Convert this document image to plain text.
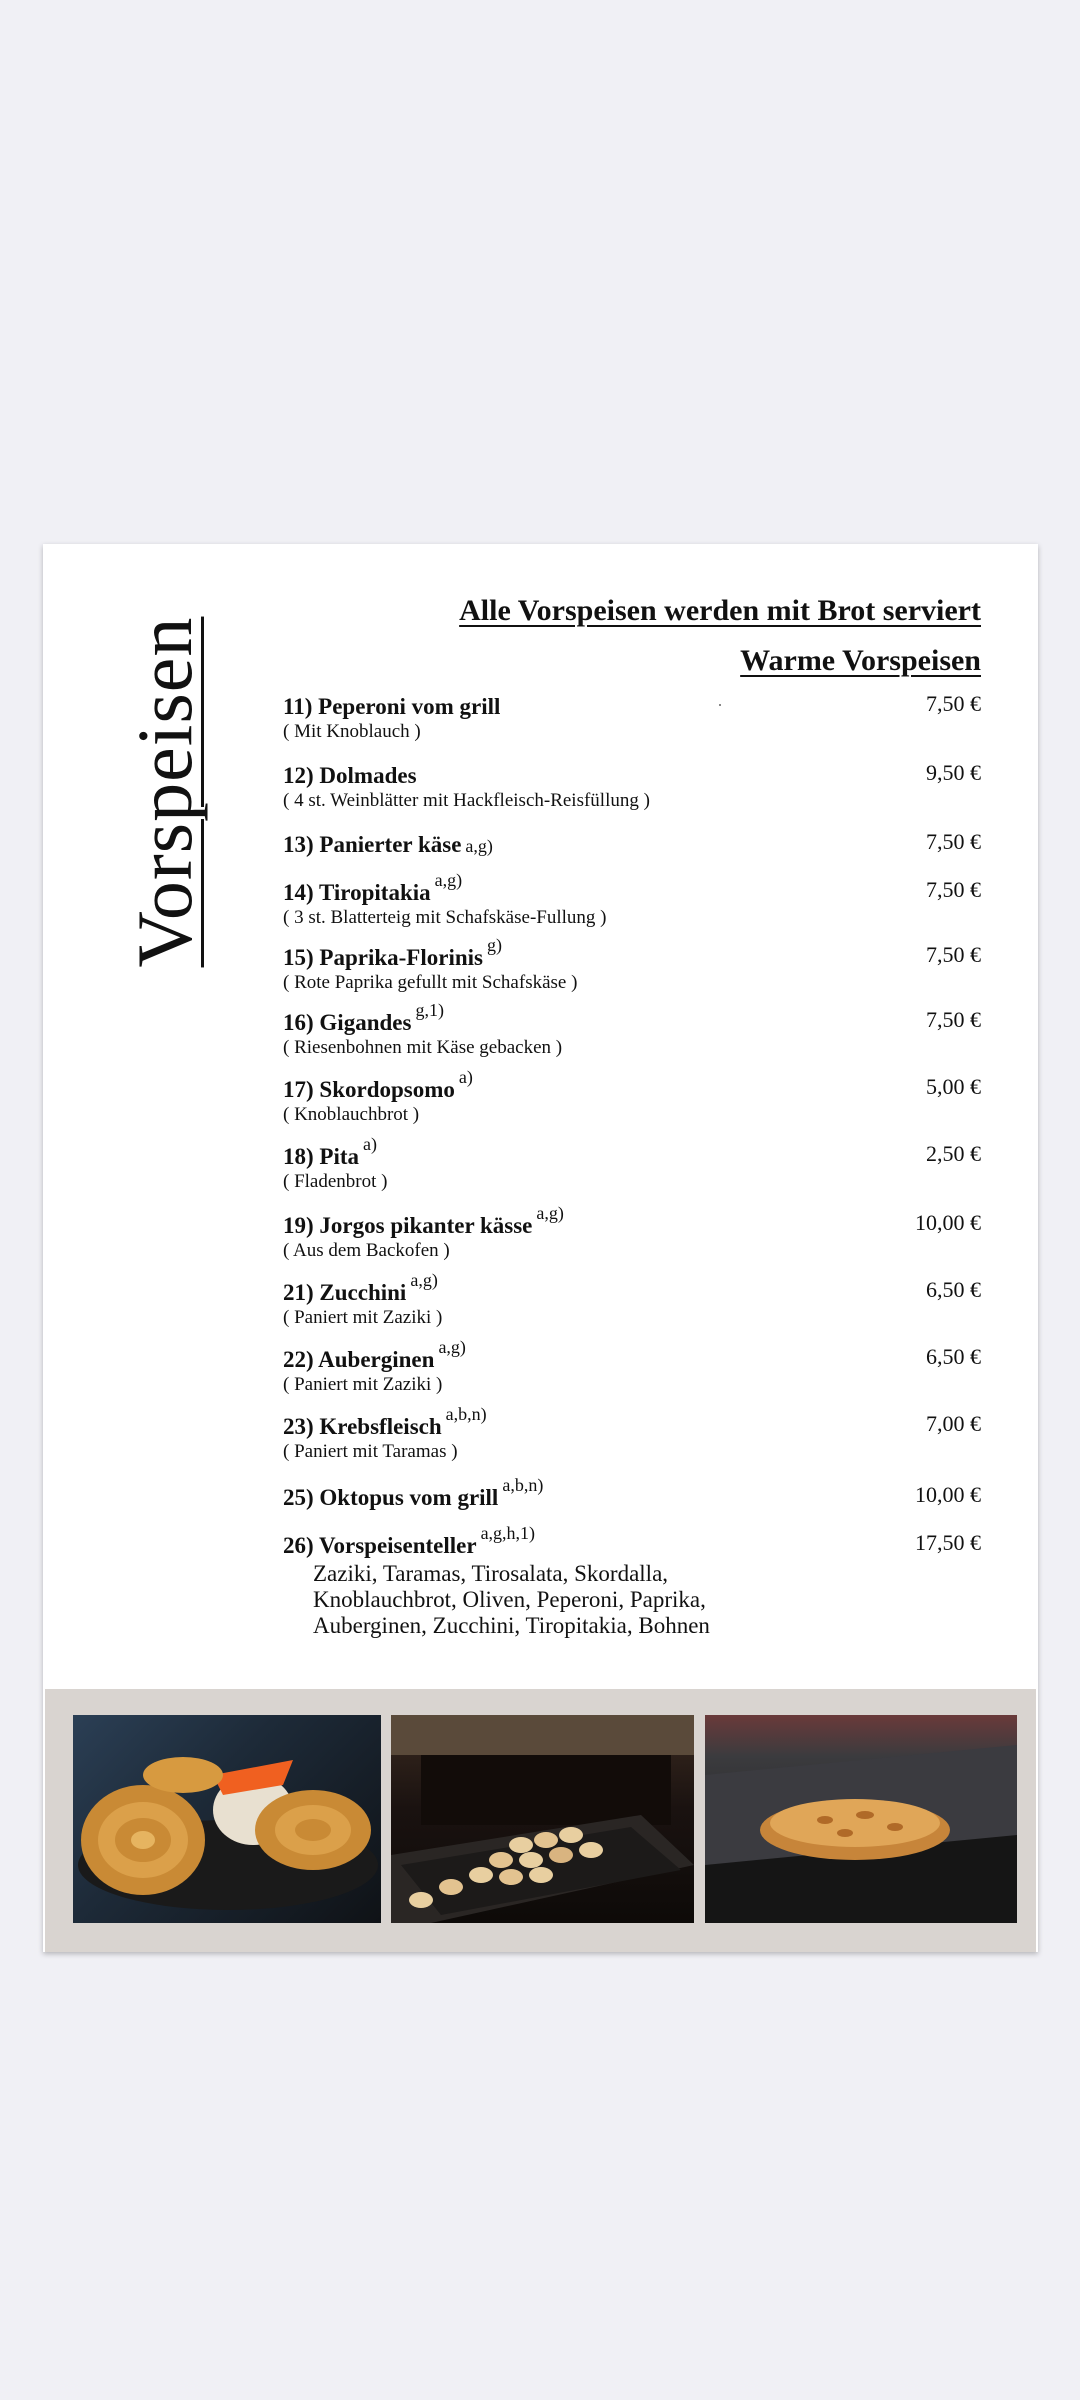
Vorspeisen
Alle Vorspeisen werden mit Brot serviert
Warme Vorspeisen
11) Peperoni vom grill
( Mit Knoblauch )
7,50 €
12) Dolmades
( 4 st. Weinblätter mit Hackfleisch-Reisfüllung )
9,50 €
13) Panierter käse a,g)	7,50 €
14) Tiropitakia $^{a,g)}$
( 3 st. Blatterteig mit Schafskäse-Fullung )
7,50 €
15) Paprika-Florinis $^{g)}$
( Rote Paprika gefullt mit Schafskäse )
7,50 €
16) Gigandes $^{g,1)}$
( Riesenbohnen mit Käse gebacken )
7,50 €
17) Skordopsomo $^{a)}$
( Knoblauchbrot )
5,00 €
18) Pita $^{a)}$
( Fladenbrot )
2,50 €
19) Jorgos pikanter kässe $^{a,g)}$
( Aus dem Backofen )
10,00 €
21) Zucchini $^{a,g)}$
( Paniert mit Zaziki )
6,50 €
22) Auberginen $^{a,g)}$
( Paniert mit Zaziki )
6,50 €
23) Krebsfleisch $^{a,b,n)}$
( Paniert mit Taramas )
7,00 €
25) Oktopus vom grill $^{a,b,n)}$	10,00 €
26) Vorspeisenteller $^{a,g,h,1)}$	17,50 €
Zaziki, Taramas, Tirosalata, Skordalla,
Knoblauchbrot, Oliven, Peperoni, Paprika,
Auberginen, Zucchini, Tiropitakia, Bohnen
